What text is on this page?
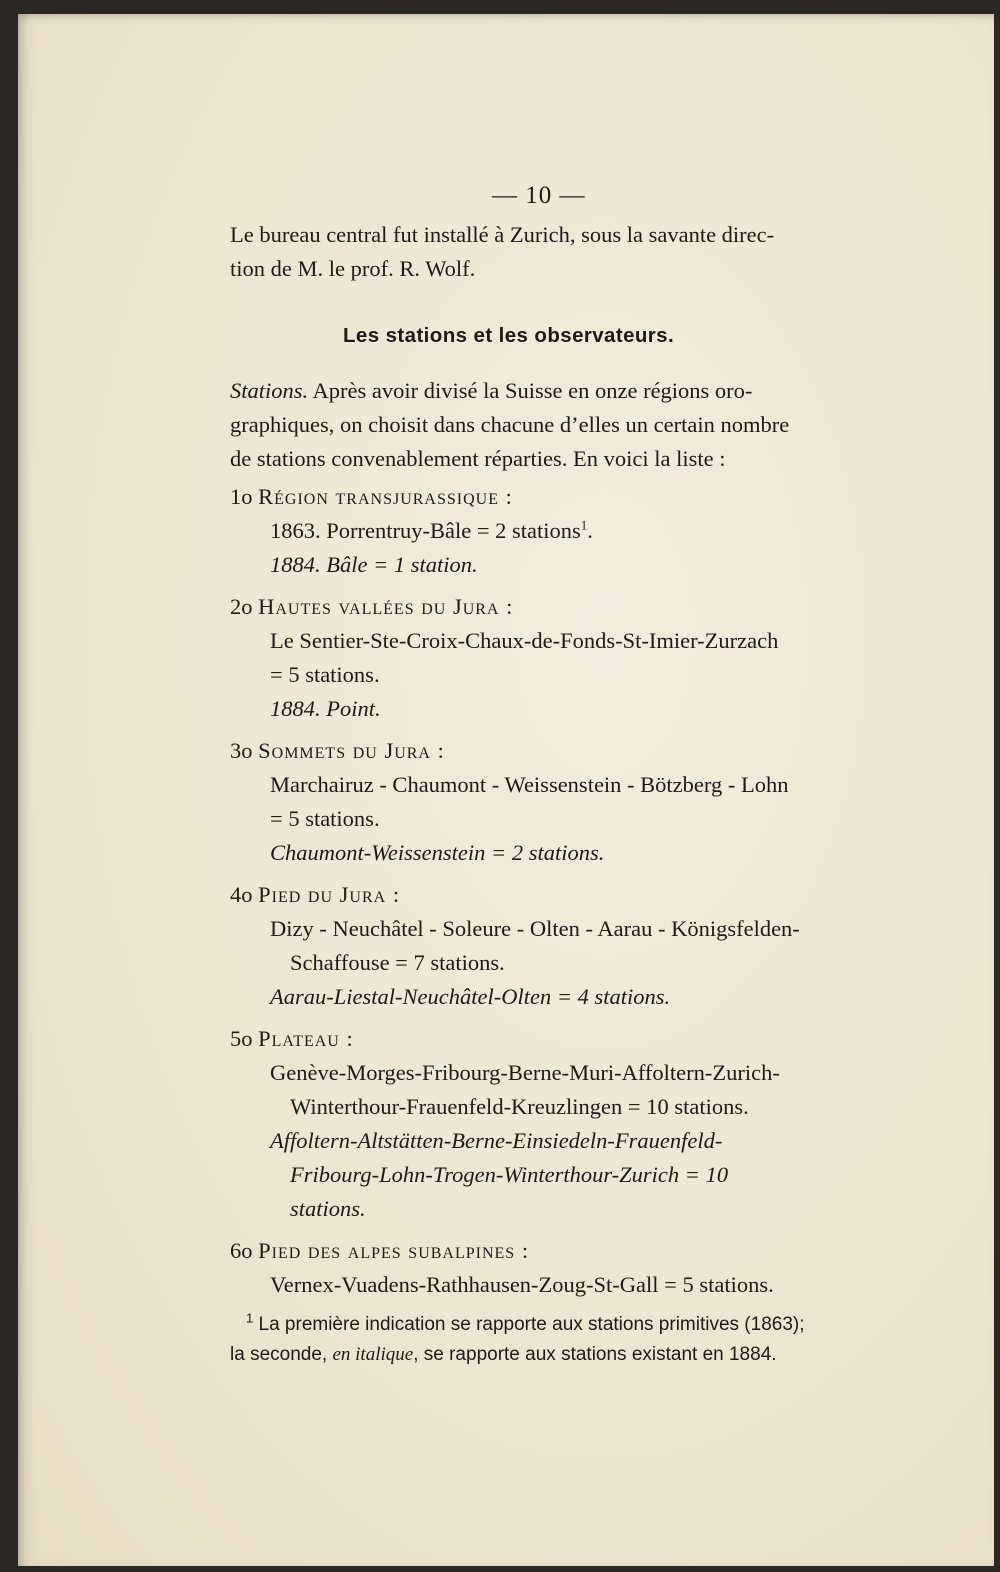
— 10 —
Le bureau central fut installé à Zurich, sous la savante direc-
tion de M. le prof. R. Wolf.
Les stations et les observateurs.
Stations. Après avoir divisé la Suisse en onze régions oro-
graphiques, on choisit dans chacune d’elles un certain nombre
de stations convenablement réparties. En voici la liste :
1o Région transjurassique :
1863. Porrentruy-Bâle = 2 stations$^1$.
1884. Bâle = 1 station.
2o Hautes vallées du Jura :
Le Sentier-Ste-Croix-Chaux-de-Fonds-St-Imier-Zurzach
= 5 stations.
1884. Point.
3o Sommets du Jura :
Marchairuz - Chaumont - Weissenstein - Bötzberg - Lohn
= 5 stations.
Chaumont-Weissenstein = 2 stations.
4o Pied du Jura :
Dizy - Neuchâtel - Soleure - Olten - Aarau - Königsfelden-
Schaffouse = 7 stations.
Aarau-Liestal-Neuchâtel-Olten = 4 stations.
5o Plateau :
Genève-Morges-Fribourg-Berne-Muri-Affoltern-Zurich-
Winterthour-Frauenfeld-Kreuzlingen = 10 stations.
Affoltern-Altstätten-Berne-Einsiedeln-Frauenfeld-
Fribourg-Lohn-Trogen-Winterthour-Zurich = 10
stations.
6o Pied des alpes subalpines :
Vernex-Vuadens-Rathhausen-Zoug-St-Gall = 5 stations.
$^1$ La première indication se rapporte aux stations primitives (1863);
la seconde, en italique, se rapporte aux stations existant en 1884.
